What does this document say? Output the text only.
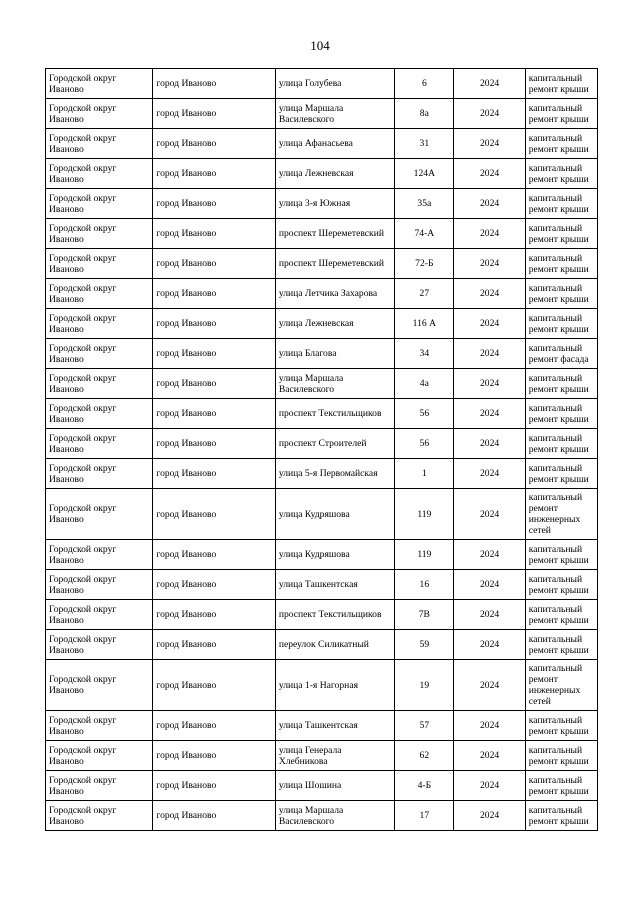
104
Городской округ Иваново	город Иваново	улица Голубева	6	2024	капитальный ремонт крыши
Городской округ Иваново	город Иваново	улица Маршала Василевского	8а	2024	капитальный ремонт крыши
Городской округ Иваново	город Иваново	улица Афанасьева	31	2024	капитальный ремонт крыши
Городской округ Иваново	город Иваново	улица Лежневская	124А	2024	капитальный ремонт крыши
Городской округ Иваново	город Иваново	улица 3-я Южная	35а	2024	капитальный ремонт крыши
Городской округ Иваново	город Иваново	проспект Шереметевский	74-А	2024	капитальный ремонт крыши
Городской округ Иваново	город Иваново	проспект Шереметевский	72-Б	2024	капитальный ремонт крыши
Городской округ Иваново	город Иваново	улица Летчика Захарова	27	2024	капитальный ремонт крыши
Городской округ Иваново	город Иваново	улица Лежневская	116 А	2024	капитальный ремонт крыши
Городской округ Иваново	город Иваново	улица Благова	34	2024	капитальный ремонт фасада
Городской округ Иваново	город Иваново	улица Маршала Василевского	4а	2024	капитальный ремонт крыши
Городской округ Иваново	город Иваново	проспект Текстильщиков	56	2024	капитальный ремонт крыши
Городской округ Иваново	город Иваново	проспект Строителей	56	2024	капитальный ремонт крыши
Городской округ Иваново	город Иваново	улица 5-я Первомайская	1	2024	капитальный ремонт крыши
Городской округ Иваново	город Иваново	улица Кудряшова	119	2024	капитальный ремонт инженерных сетей
Городской округ Иваново	город Иваново	улица Кудряшова	119	2024	капитальный ремонт крыши
Городской округ Иваново	город Иваново	улица Ташкентская	16	2024	капитальный ремонт крыши
Городской округ Иваново	город Иваново	проспект Текстильщиков	7В	2024	капитальный ремонт крыши
Городской округ Иваново	город Иваново	переулок Силикатный	59	2024	капитальный ремонт крыши
Городской округ Иваново	город Иваново	улица 1-я Нагорная	19	2024	капитальный ремонт инженерных сетей
Городской округ Иваново	город Иваново	улица Ташкентская	57	2024	капитальный ремонт крыши
Городской округ Иваново	город Иваново	улица Генерала Хлебникова	62	2024	капитальный ремонт крыши
Городской округ Иваново	город Иваново	улица Шошина	4-Б	2024	капитальный ремонт крыши
Городской округ Иваново	город Иваново	улица Маршала Василевского	17	2024	капитальный ремонт крыши
